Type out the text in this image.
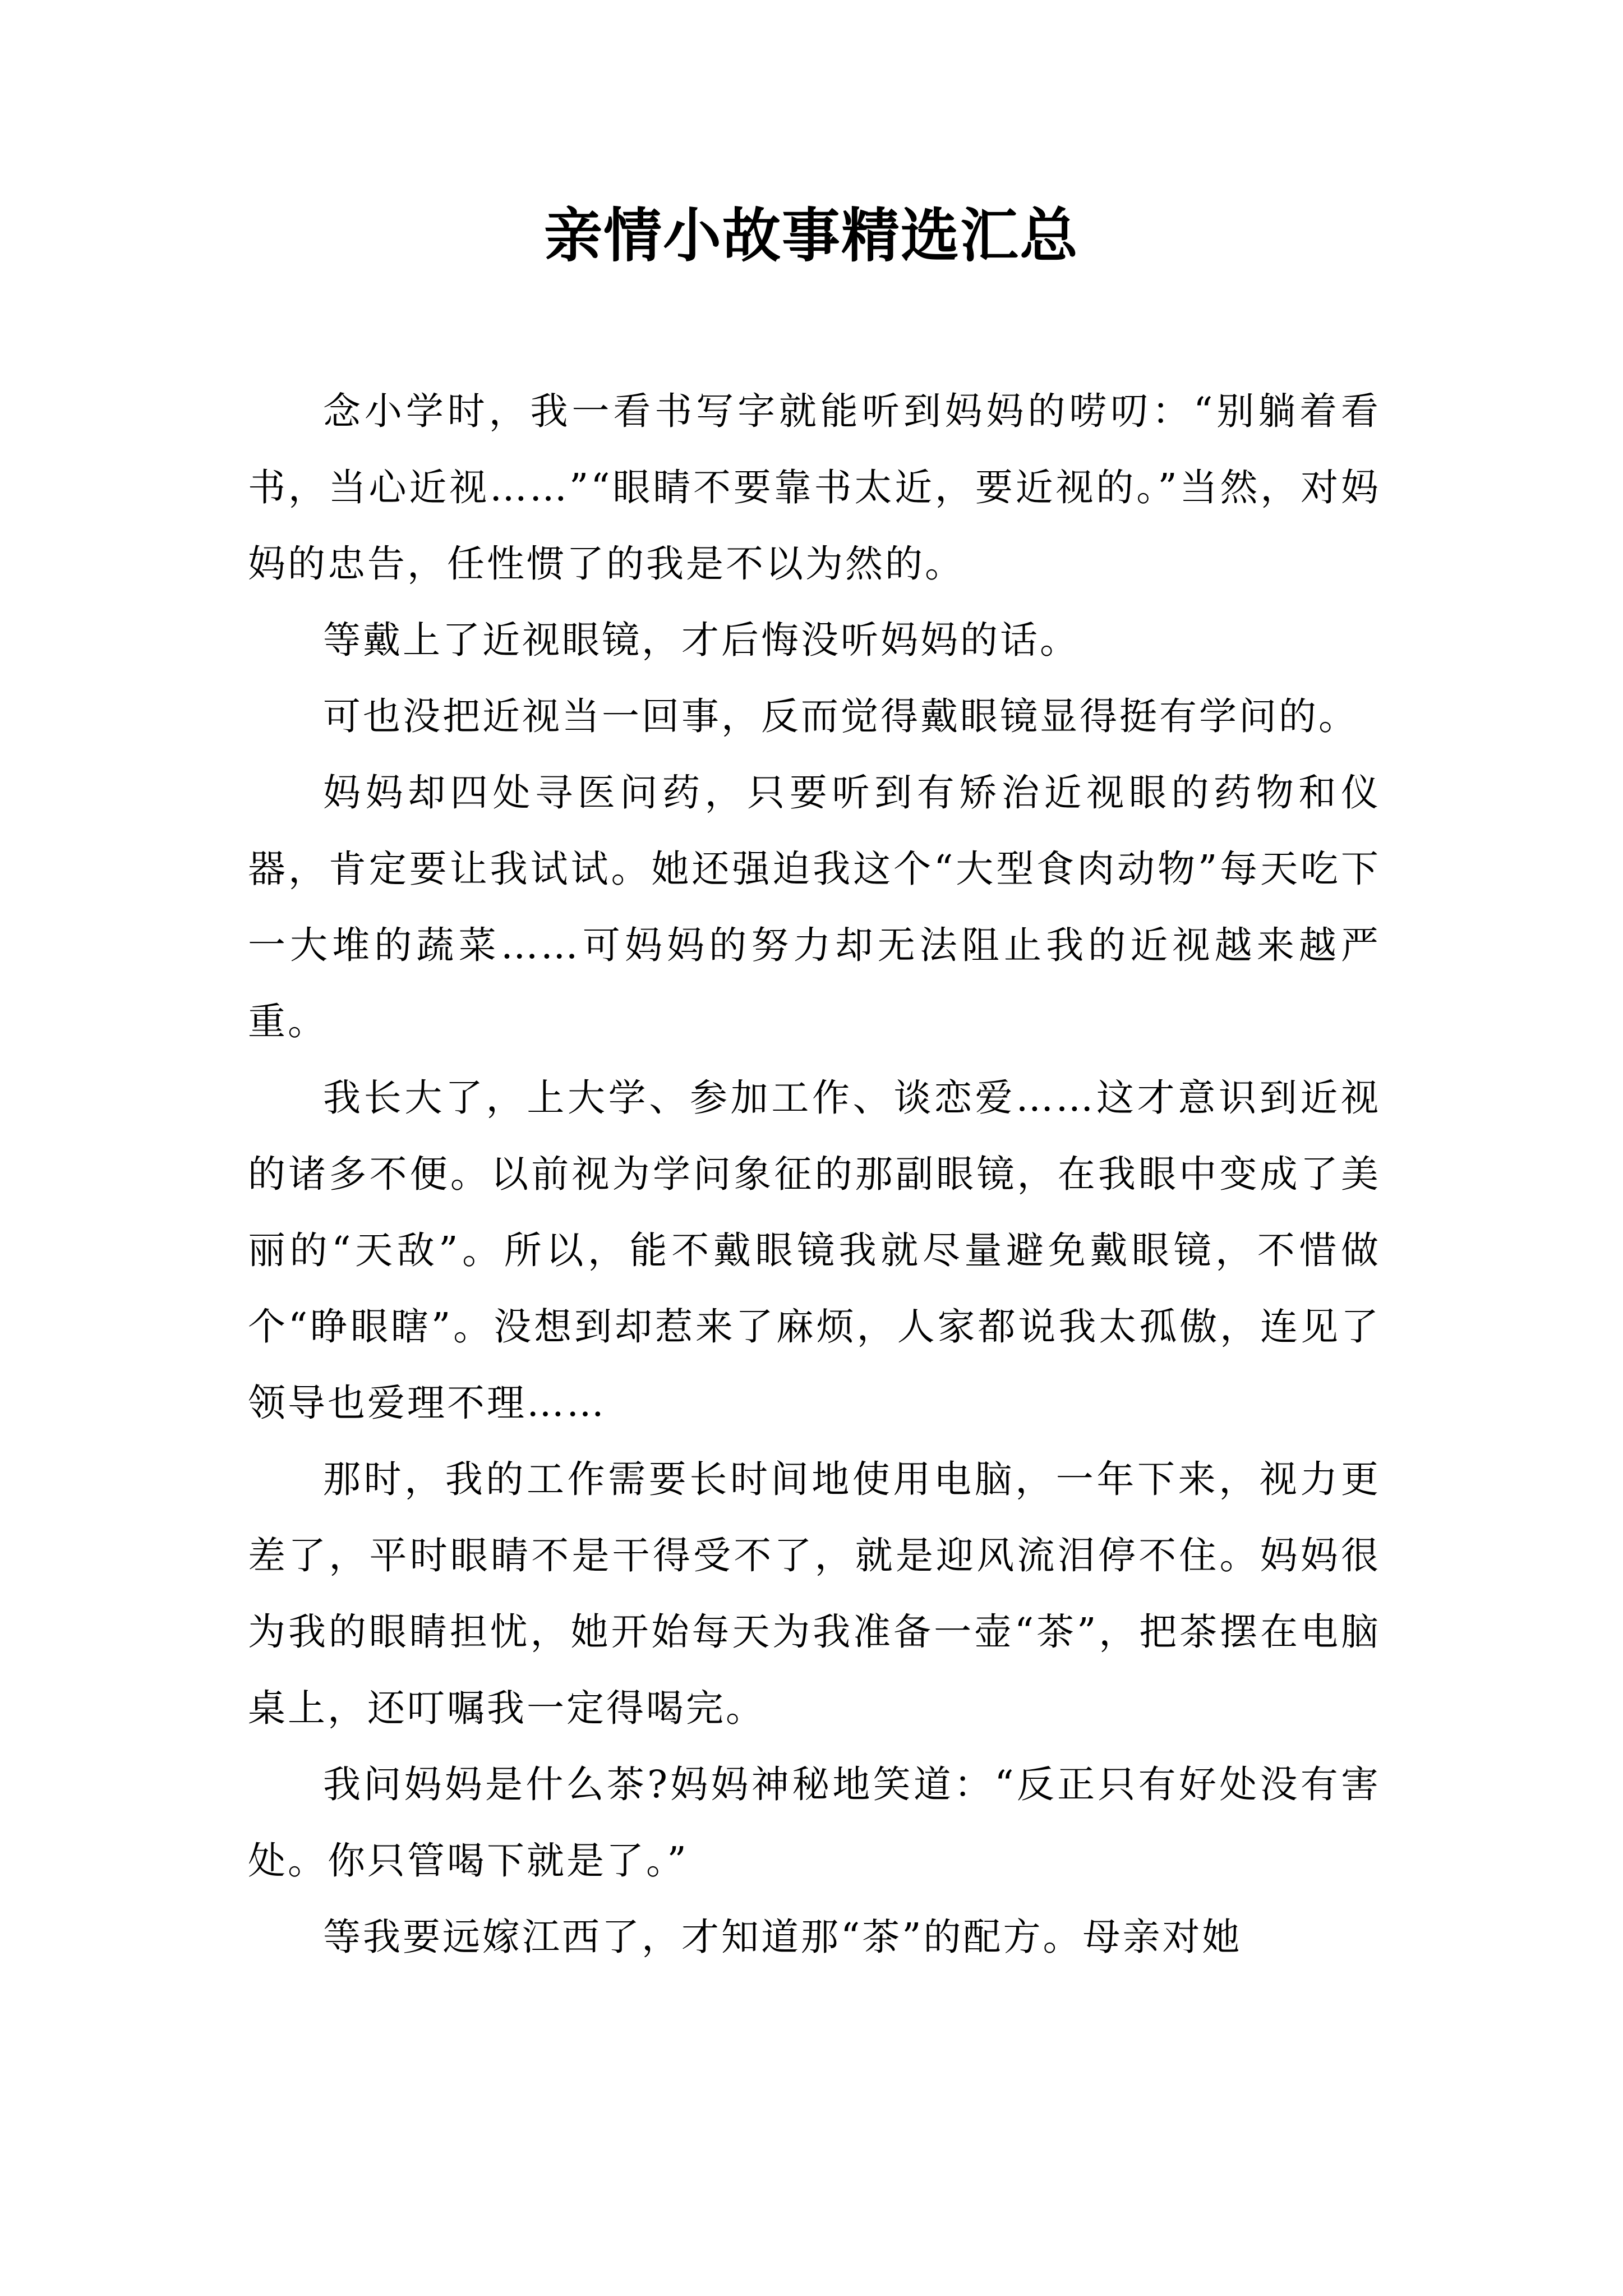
亲情小故事精选汇总

念小学时，我一看书写字就能听到妈妈的唠叨：“别躺着看书，当心近视……”“眼睛不要靠书太近，要近视的。”当然，对妈妈的忠告，任性惯了的我是不以为然的。

等戴上了近视眼镜，才后悔没听妈妈的话。

可也没把近视当一回事，反而觉得戴眼镜显得挺有学问的。

妈妈却四处寻医问药，只要听到有矫治近视眼的药物和仪器，肯定要让我试试。她还强迫我这个“大型食肉动物”每天吃下一大堆的蔬菜……可妈妈的努力却无法阻止我的近视越来越严重。

我长大了，上大学、参加工作、谈恋爱……这才意识到近视的诸多不便。以前视为学问象征的那副眼镜，在我眼中变成了美丽的“天敌”。所以，能不戴眼镜我就尽量避免戴眼镜，不惜做个“睁眼瞎”。没想到却惹来了麻烦，人家都说我太孤傲，连见了领导也爱理不理……

那时，我的工作需要长时间地使用电脑，一年下来，视力更差了，平时眼睛不是干得受不了，就是迎风流泪停不住。妈妈很为我的眼睛担忧，她开始每天为我准备一壶“茶”，把茶摆在电脑桌上，还叮嘱我一定得喝完。

我问妈妈是什么茶?妈妈神秘地笑道：“反正只有好处没有害处。你只管喝下就是了。”

等我要远嫁江西了，才知道那“茶”的配方。母亲对她
